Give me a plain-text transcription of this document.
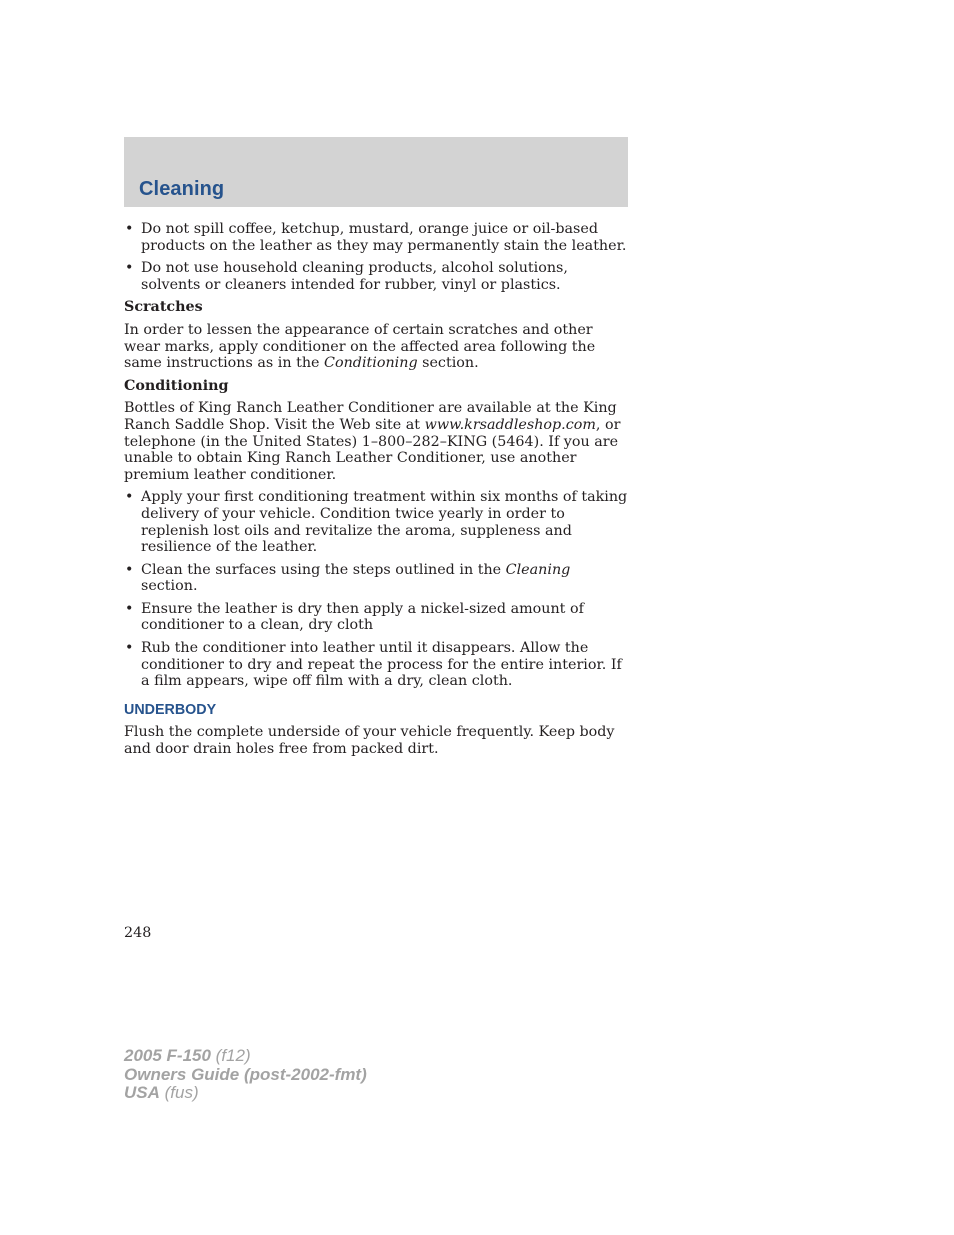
Cleaning
• Do not spill coffee, ketchup, mustard, orange juice or oil-based products on the leather as they may permanently stain the leather.
• Do not use household cleaning products, alcohol solutions, solvents or cleaners intended for rubber, vinyl or plastics.

Scratches

In order to lessen the appearance of certain scratches and other wear marks, apply conditioner on the affected area following the same instructions as in the Conditioning section.

Conditioning

Bottles of King Ranch Leather Conditioner are available at the King Ranch Saddle Shop. Visit the Web site at www.krsaddleshop.com, or telephone (in the United States) 1–800–282–KING (5464). If you are unable to obtain King Ranch Leather Conditioner, use another premium leather conditioner.

• Apply your first conditioning treatment within six months of taking delivery of your vehicle. Condition twice yearly in order to replenish lost oils and revitalize the aroma, suppleness and resilience of the leather.
• Clean the surfaces using the steps outlined in the Cleaning section.
• Ensure the leather is dry then apply a nickel-sized amount of conditioner to a clean, dry cloth
• Rub the conditioner into leather until it disappears. Allow the conditioner to dry and repeat the process for the entire interior. If a film appears, wipe off film with a dry, clean cloth.

UNDERBODY

Flush the complete underside of your vehicle frequently. Keep body and door drain holes free from packed dirt.

248
2005 F-150 (f12)
Owners Guide (post-2002-fmt)
USA (fus)
